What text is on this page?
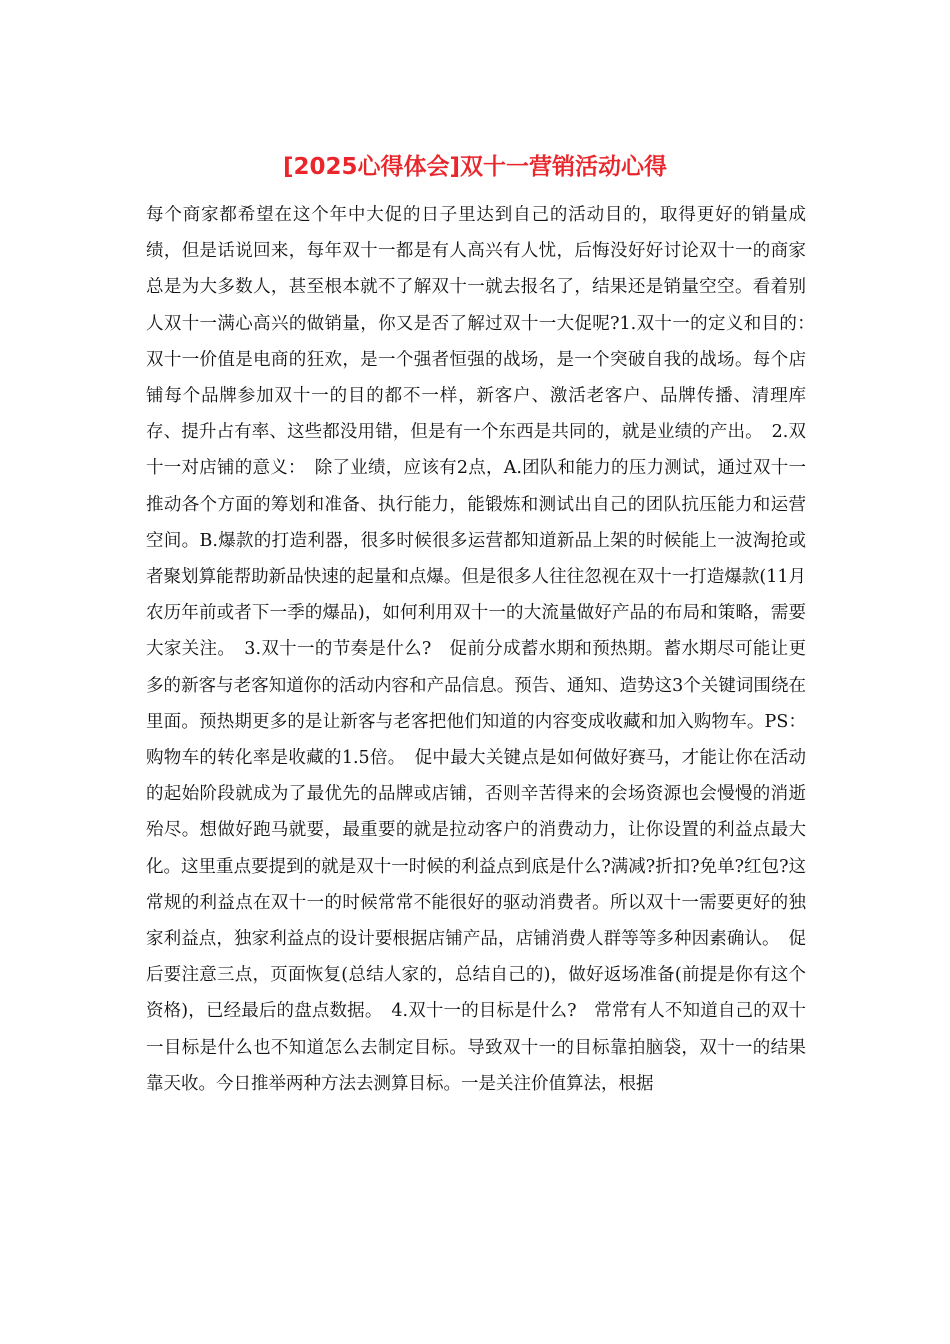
[2025心得体会]双十一营销活动心得

每个商家都希望在这个年中大促的日子里达到自己的活动目的，取得更好的销量成绩，但是话说回来，每年双十一都是有人高兴有人忧，后悔没好好讨论双十一的商家总是为大多数人，甚至根本就不了解双十一就去报名了，结果还是销量空空。看着别人双十一满心高兴的做销量，你又是否了解过双十一大促呢?1.双十一的定义和目的：　双十一价值是电商的狂欢，是一个强者恒强的战场，是一个突破自我的战场。每个店铺每个品牌参加双十一的目的都不一样，新客户、激活老客户、品牌传播、清理库存、提升占有率、这些都没用错，但是有一个东西是共同的，就是业绩的产出。　2.双十一对店铺的意义：　除了业绩，应该有2点，A.团队和能力的压力测试，通过双十一推动各个方面的筹划和准备、执行能力，能锻炼和测试出自己的团队抗压能力和运营空间。B.爆款的打造利器，很多时候很多运营都知道新品上架的时候能上一波淘抢或者聚划算能帮助新品快速的起量和点爆。但是很多人往往忽视在双十一打造爆款(11月农历年前或者下一季的爆品)，如何利用双十一的大流量做好产品的布局和策略，需要大家关注。　3.双十一的节奏是什么?　促前分成蓄水期和预热期。蓄水期尽可能让更多的新客与老客知道你的活动内容和产品信息。预告、通知、造势这3个关键词围绕在里面。预热期更多的是让新客与老客把他们知道的内容变成收藏和加入购物车。PS：购物车的转化率是收藏的1.5倍。　促中最大关键点是如何做好赛马，才能让你在活动的起始阶段就成为了最优先的品牌或店铺，否则辛苦得来的会场资源也会慢慢的消逝殆尽。想做好跑马就要，最重要的就是拉动客户的消费动力，让你设置的利益点最大化。这里重点要提到的就是双十一时候的利益点到底是什么?满减?折扣?免单?红包?这常规的利益点在双十一的时候常常不能很好的驱动消费者。所以双十一需要更好的独家利益点，独家利益点的设计要根据店铺产品，店铺消费人群等等多种因素确认。　促后要注意三点，页面恢复(总结人家的，总结自己的)，做好返场准备(前提是你有这个资格)，已经最后的盘点数据。　4.双十一的目标是什么?　常常有人不知道自己的双十一目标是什么也不知道怎么去制定目标。导致双十一的目标靠拍脑袋，双十一的结果靠天收。今日推举两种方法去测算目标。一是关注价值算法，根据
